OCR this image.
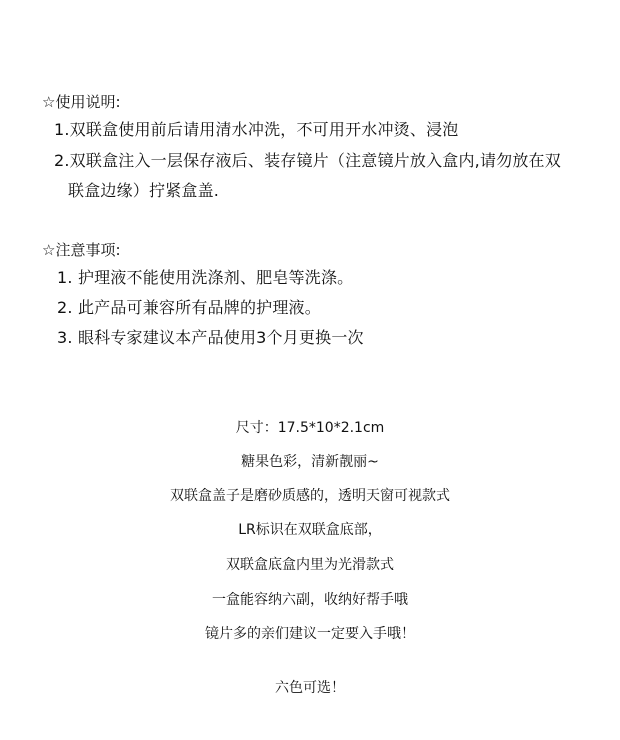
☆使用说明:
1.双联盒使用前后请用清水冲洗，不可用开水冲烫、浸泡
2.双联盒注入一层保存液后、装存镜片（注意镜片放入盒内,请勿放在双
联盒边缘）拧紧盒盖.
☆注意事项:
1. 护理液不能使用洗涤剂、肥皂等洗涤。
2. 此产品可兼容所有品牌的护理液。
3. 眼科专家建议本产品使用3个月更换一次
尺寸：17.5*10*2.1cm
糖果色彩，清新靓丽~
双联盒盖子是磨砂质感的，透明天窗可视款式
LR标识在双联盒底部，
双联盒底盒内里为光滑款式
一盒能容纳六副，收纳好帮手哦
镜片多的亲们建议一定要入手哦！
六色可选！
